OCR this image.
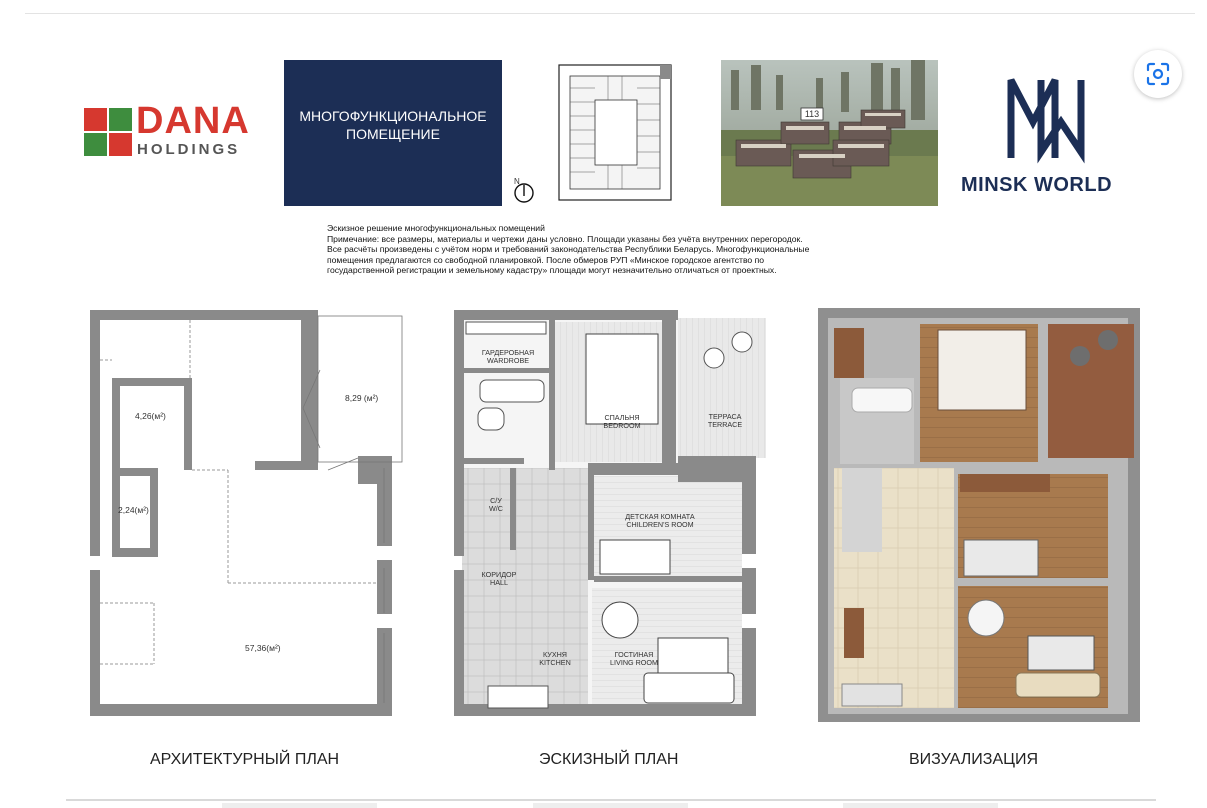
DANA
HOLDINGS
МНОГОФУНКЦИОНАЛЬНОЕ
ПОМЕЩЕНИЕ
N
113
MINSK WORLD

Эскизное решение многофункциональных помещений

Примечание: все размеры, материалы и чертежи даны условно. Площади указаны без учёта внутренних перегородок.

Все расчёты произведены с учётом норм и требований законодательства Республики Беларусь. Многофункциональные

помещения предлагаются со свободной планировкой. После обмеров РУП «Минское городское агентство по

государственной регистрации и земельному кадастру» площади могут незначительно отличаться от проектных.

4,26(м²)
8,29 (м²)
2,24(м²)
57,36(м²)
ГАРДЕРОБНАЯ
WARDROBE
СПАЛЬНЯ
BEDROOM
ТЕРРАСА
TERRACE
С/У
W/C
ДЕТСКАЯ КОМНАТА
CHILDREN'S ROOM
КОРИДОР
HALL
КУХНЯ
KITCHEN
ГОСТИНАЯ
LIVING ROOM
АРХИТЕКТУРНЫЙ ПЛАН	ЭСКИЗНЫЙ ПЛАН	ВИЗУАЛИЗАЦИЯ
